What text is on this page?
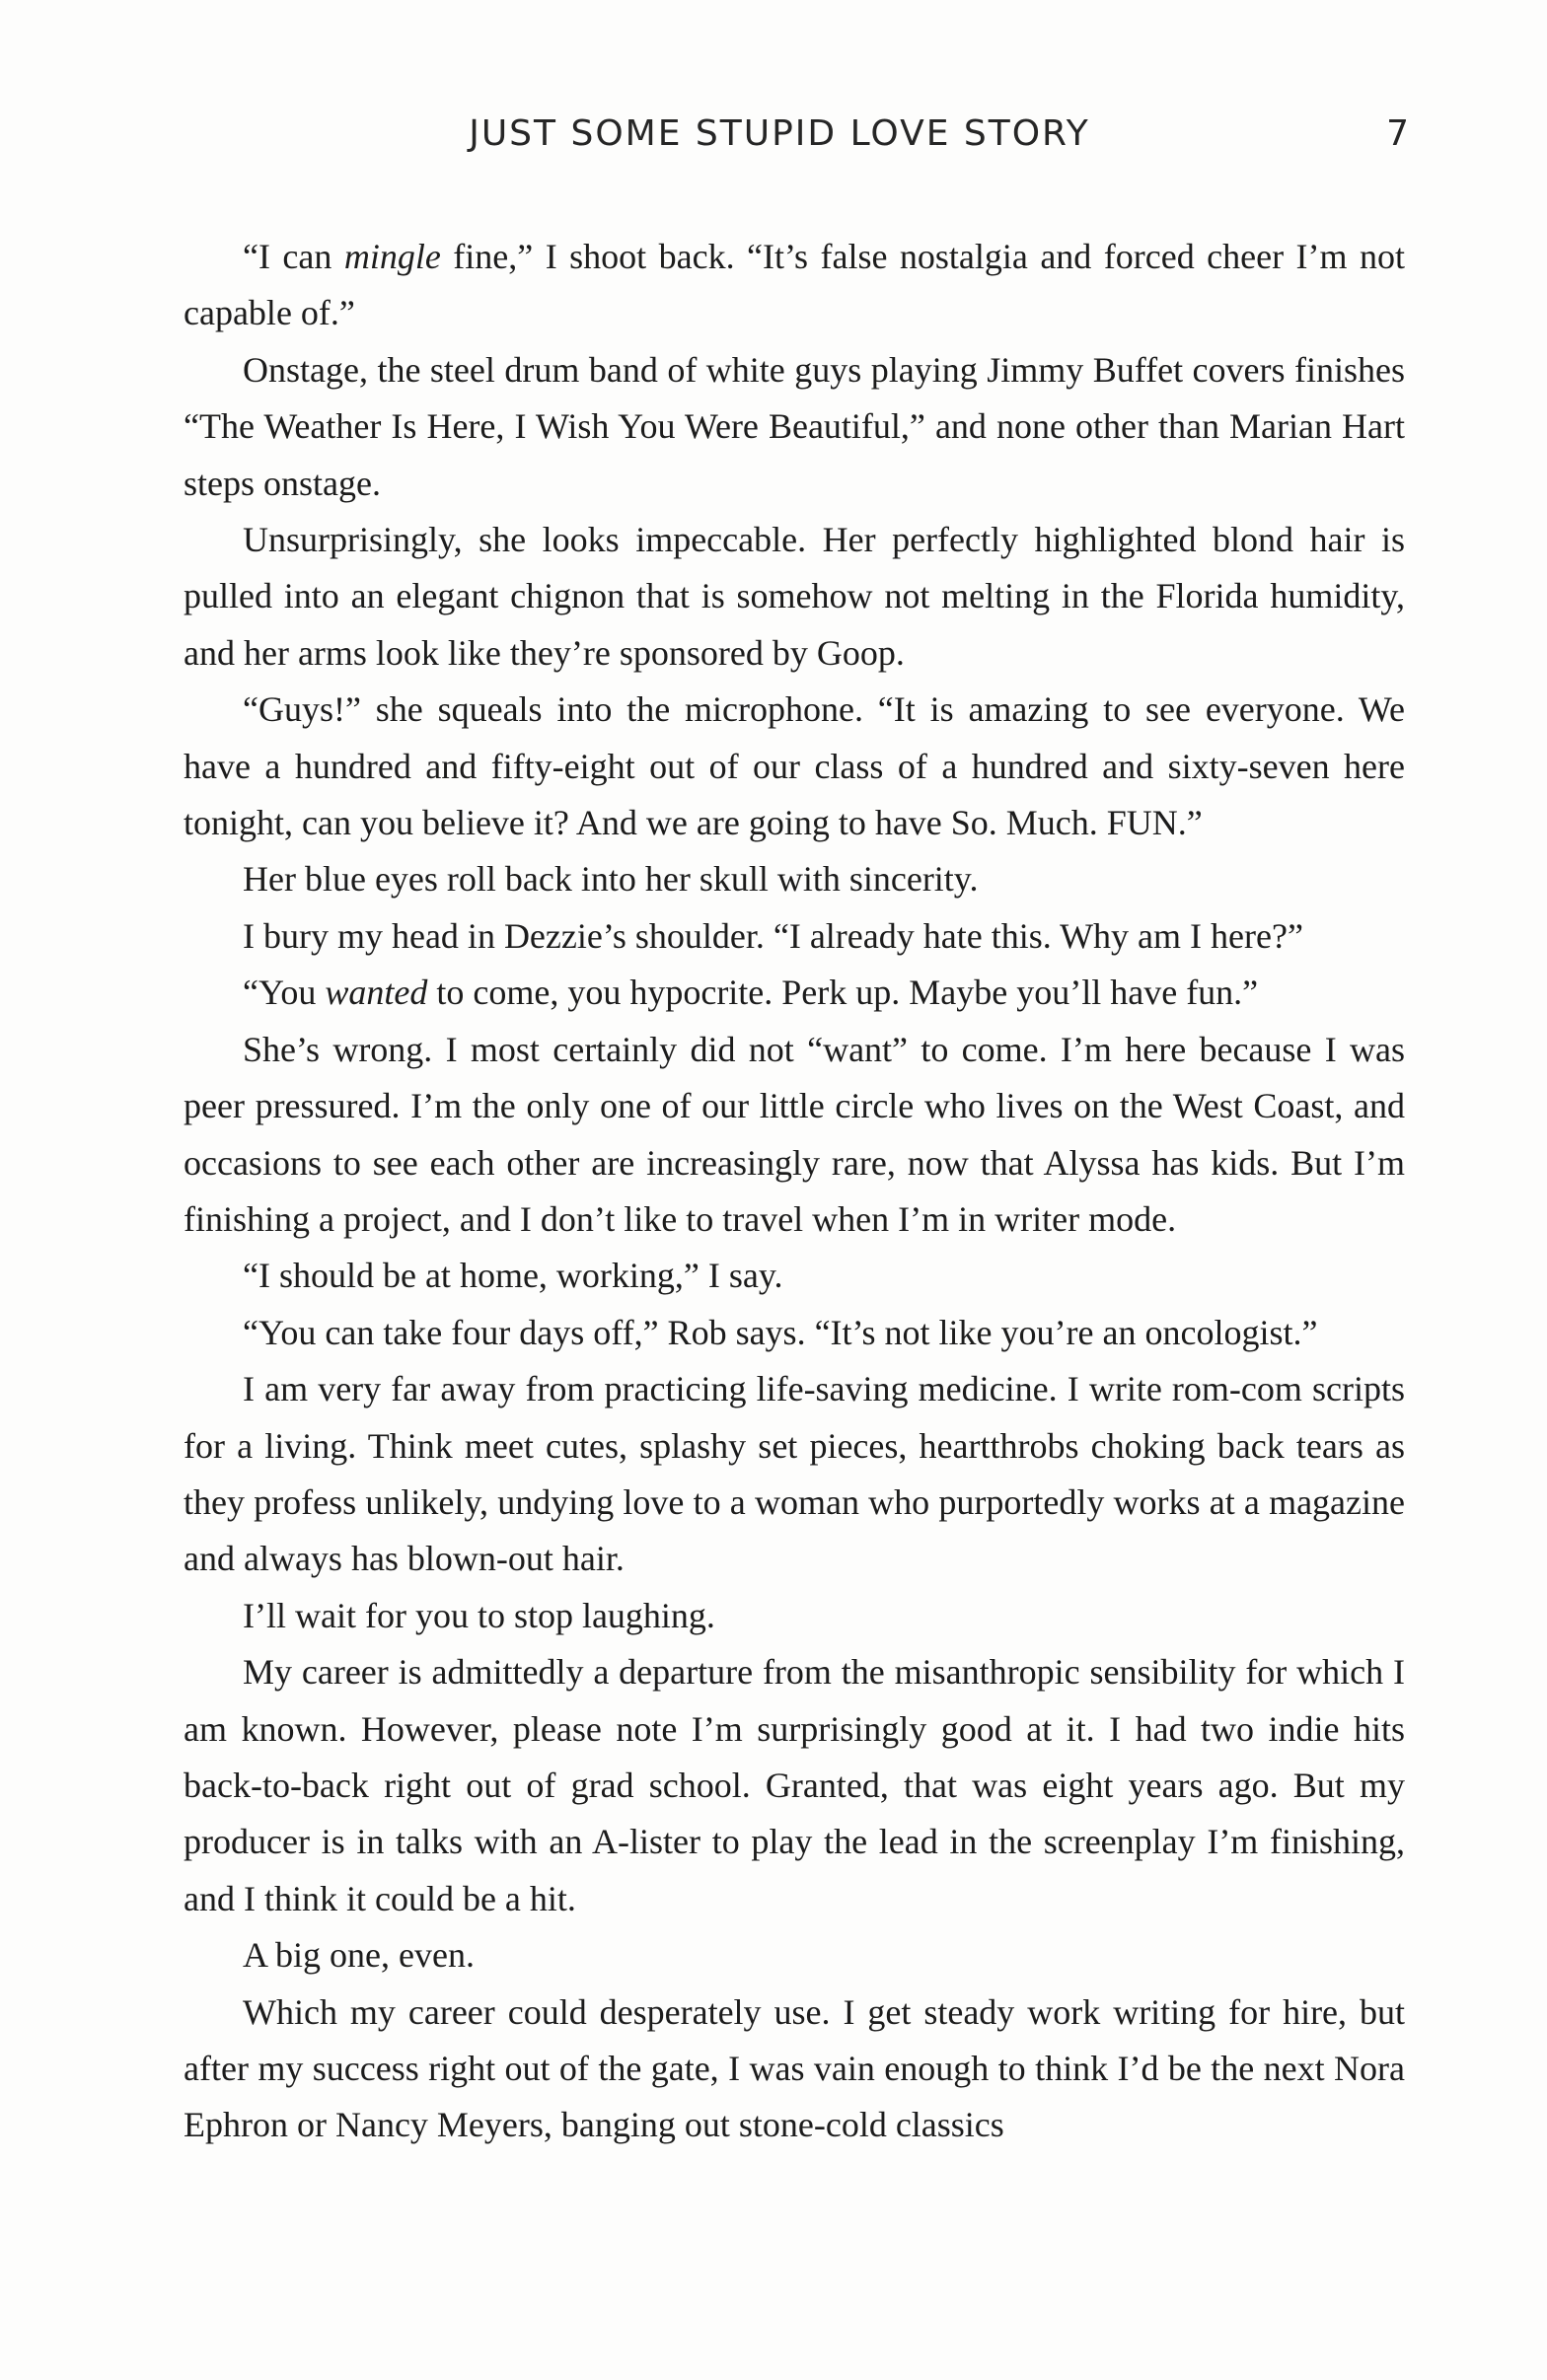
JUST SOME STUPID LOVE STORY	7

“I can mingle fine,” I shoot back. “It’s false nostalgia and forced cheer I’m not capable of.”

Onstage, the steel drum band of white guys playing Jimmy Buffet covers finishes “The Weather Is Here, I Wish You Were Beautiful,” and none other than Marian Hart steps onstage.

Unsurprisingly, she looks impeccable. Her perfectly highlighted blond hair is pulled into an elegant chignon that is somehow not melting in the Florida humidity, and her arms look like they’re sponsored by Goop.

“Guys!” she squeals into the microphone. “It is amazing to see everyone. We have a hundred and fifty-eight out of our class of a hundred and sixty-seven here tonight, can you believe it? And we are going to have So. Much. FUN.”

Her blue eyes roll back into her skull with sincerity.

I bury my head in Dezzie’s shoulder. “I already hate this. Why am I here?”

“You wanted to come, you hypocrite. Perk up. Maybe you’ll have fun.”

She’s wrong. I most certainly did not “want” to come. I’m here because I was peer pressured. I’m the only one of our little circle who lives on the West Coast, and occasions to see each other are increasingly rare, now that Alyssa has kids. But I’m finishing a project, and I don’t like to travel when I’m in writer mode.

“I should be at home, working,” I say.

“You can take four days off,” Rob says. “It’s not like you’re an oncologist.”

I am very far away from practicing life-saving medicine. I write rom-com scripts for a living. Think meet cutes, splashy set pieces, heartthrobs choking back tears as they profess unlikely, undying love to a woman who purportedly works at a magazine and always has blown-out hair.

I’ll wait for you to stop laughing.

My career is admittedly a departure from the misanthropic sensibility for which I am known. However, please note I’m surprisingly good at it. I had two indie hits back-to-back right out of grad school. Granted, that was eight years ago. But my producer is in talks with an A-lister to play the lead in the screenplay I’m finishing, and I think it could be a hit.

A big one, even.

Which my career could desperately use. I get steady work writing for hire, but after my success right out of the gate, I was vain enough to think I’d be the next Nora Ephron or Nancy Meyers, banging out stone-cold classics
